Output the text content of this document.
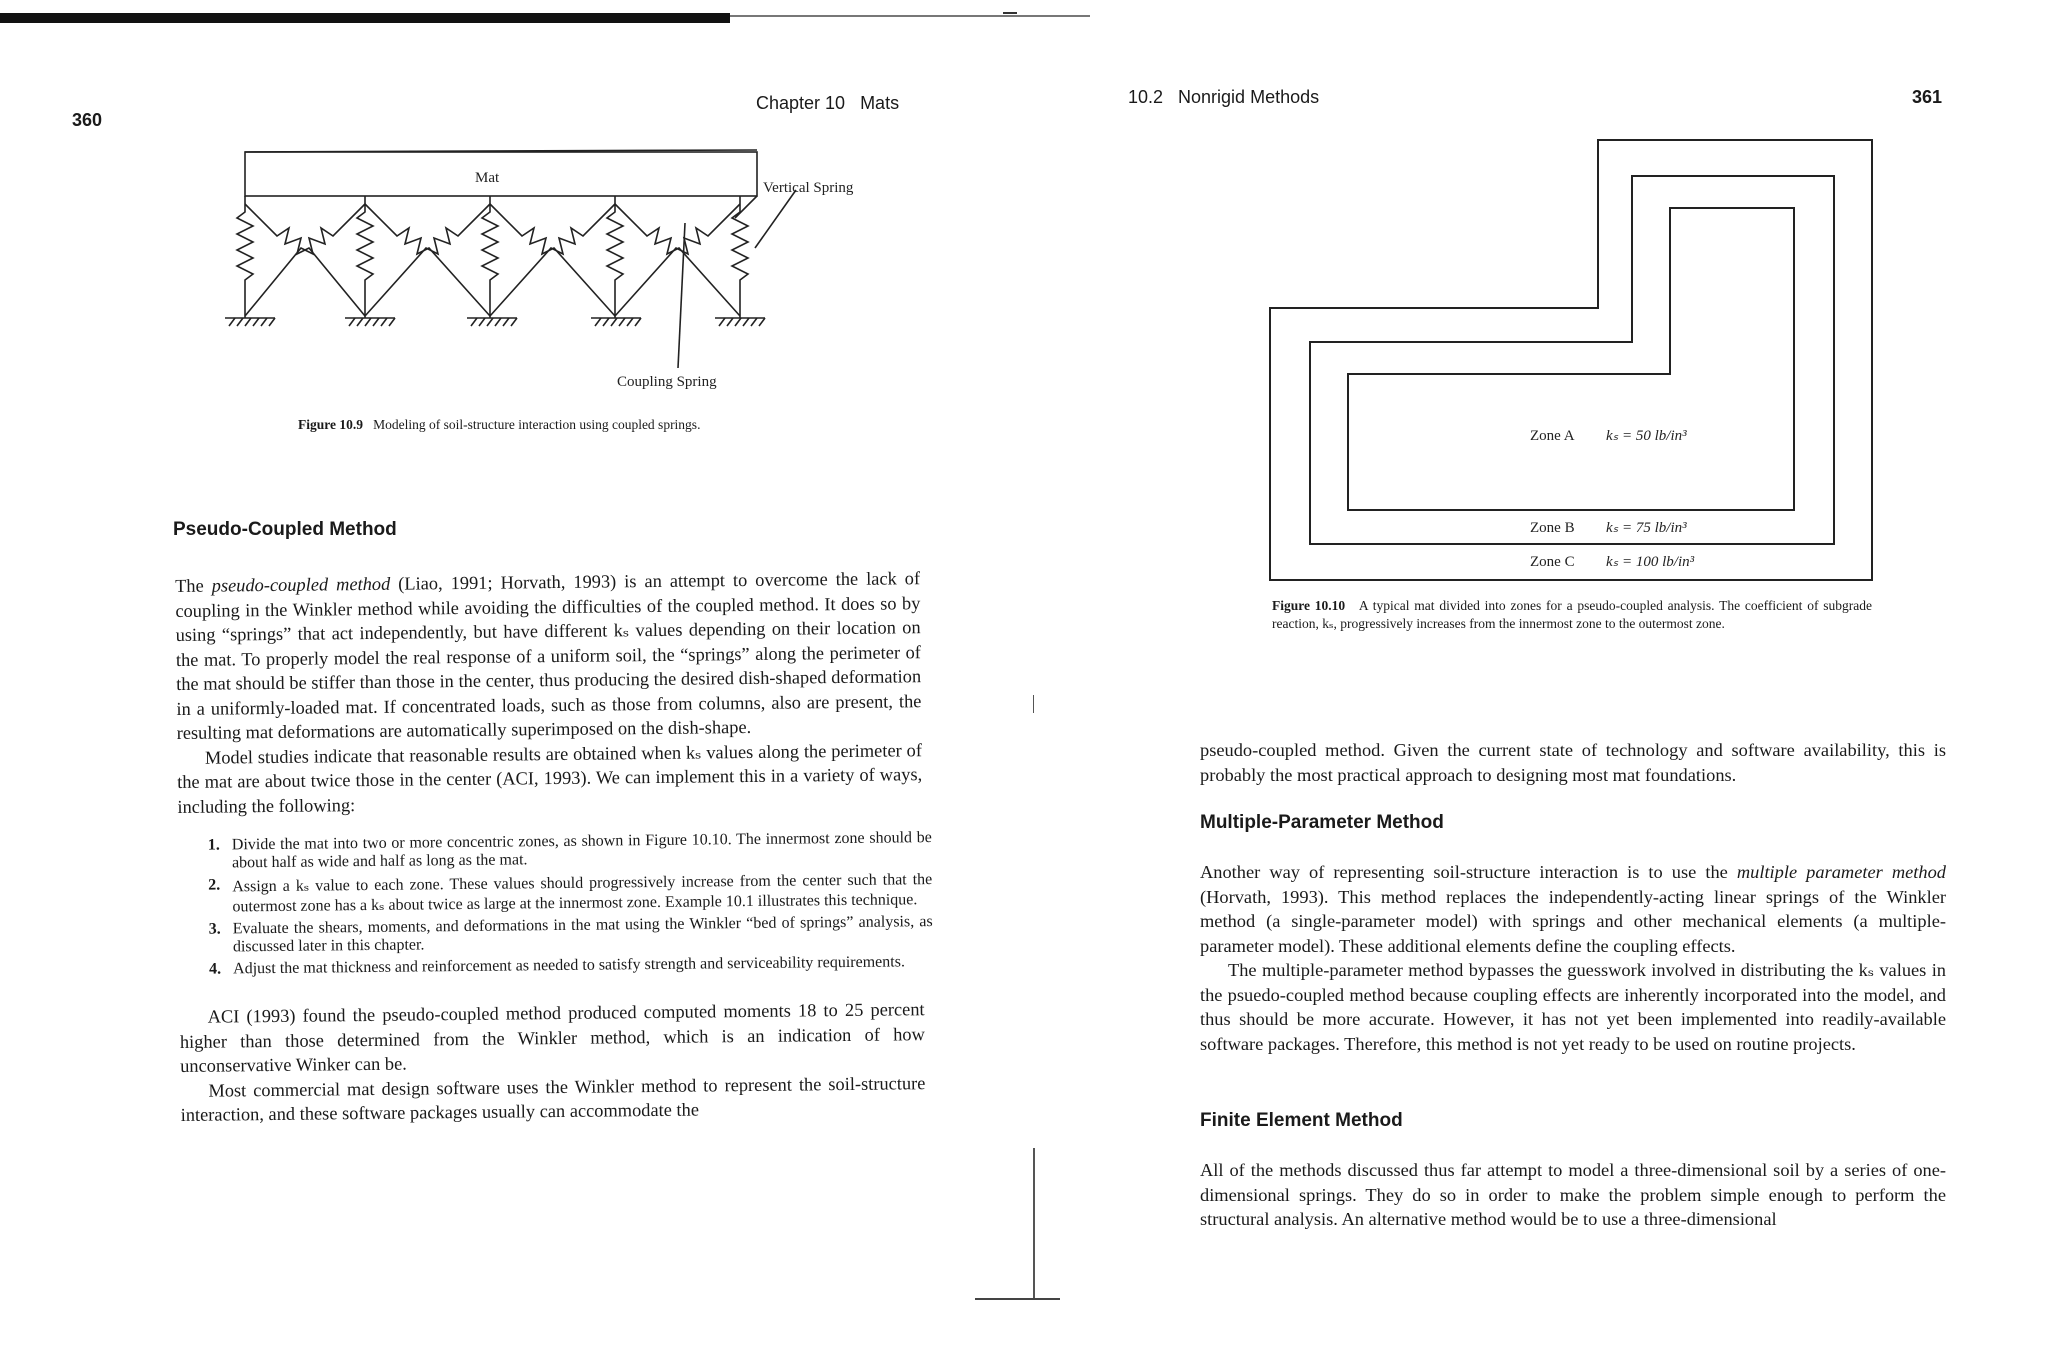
360
Chapter 10   Mats
Mat
Vertical Spring
Coupling Spring
Figure 10.9 Modeling of soil-structure interaction using coupled springs.
Pseudo-Coupled Method
The pseudo-coupled method (Liao, 1991; Horvath, 1993) is an attempt to overcome the lack of coupling in the Winkler method while avoiding the difficulties of the coupled method. It does so by using “springs” that act independently, but have different kₛ values depending on their location on the mat. To properly model the real response of a uniform soil, the “springs” along the perimeter of the mat should be stiffer than those in the center, thus producing the desired dish-shaped deformation in a uniformly-loaded mat. If concentrated loads, such as those from columns, also are present, the resulting mat deformations are automatically superimposed on the dish-shape.
Model studies indicate that reasonable results are obtained when kₛ values along the perimeter of the mat are about twice those in the center (ACI, 1993). We can implement this in a variety of ways, including the following:
1. Divide the mat into two or more concentric zones, as shown in Figure 10.10. The innermost zone should be about half as wide and half as long as the mat.
2. Assign a kₛ value to each zone. These values should progressively increase from the center such that the outermost zone has a kₛ about twice as large at the innermost zone. Example 10.1 illustrates this technique.
3. Evaluate the shears, moments, and deformations in the mat using the Winkler “bed of springs” analysis, as discussed later in this chapter.
4. Adjust the mat thickness and reinforcement as needed to satisfy strength and serviceability requirements.
ACI (1993) found the pseudo-coupled method produced computed moments 18 to 25 percent higher than those determined from the Winkler method, which is an indication of how unconservative Winker can be.
Most commercial mat design software uses the Winkler method to represent the soil-structure interaction, and these software packages usually can accommodate the
10.2   Nonrigid Methods	361
Zone A kₛ = 50 lb/in³
Zone B kₛ = 75 lb/in³
Zone C kₛ = 100 lb/in³
Figure 10.10 A typical mat divided into zones for a pseudo-coupled analysis. The coefficient of subgrade reaction, kₛ, progressively increases from the innermost zone to the outermost zone.
pseudo-coupled method. Given the current state of technology and software availability, this is probably the most practical approach to designing most mat foundations.
Multiple-Parameter Method
Another way of representing soil-structure interaction is to use the multiple parameter method (Horvath, 1993). This method replaces the independently-acting linear springs of the Winkler method (a single-parameter model) with springs and other mechanical elements (a multiple-parameter model). These additional elements define the coupling effects.
The multiple-parameter method bypasses the guesswork involved in distributing the kₛ values in the psuedo-coupled method because coupling effects are inherently incorporated into the model, and thus should be more accurate. However, it has not yet been implemented into readily-available software packages. Therefore, this method is not yet ready to be used on routine projects.
Finite Element Method
All of the methods discussed thus far attempt to model a three-dimensional soil by a series of one-dimensional springs. They do so in order to make the problem simple enough to perform the structural analysis. An alternative method would be to use a three-dimensional
